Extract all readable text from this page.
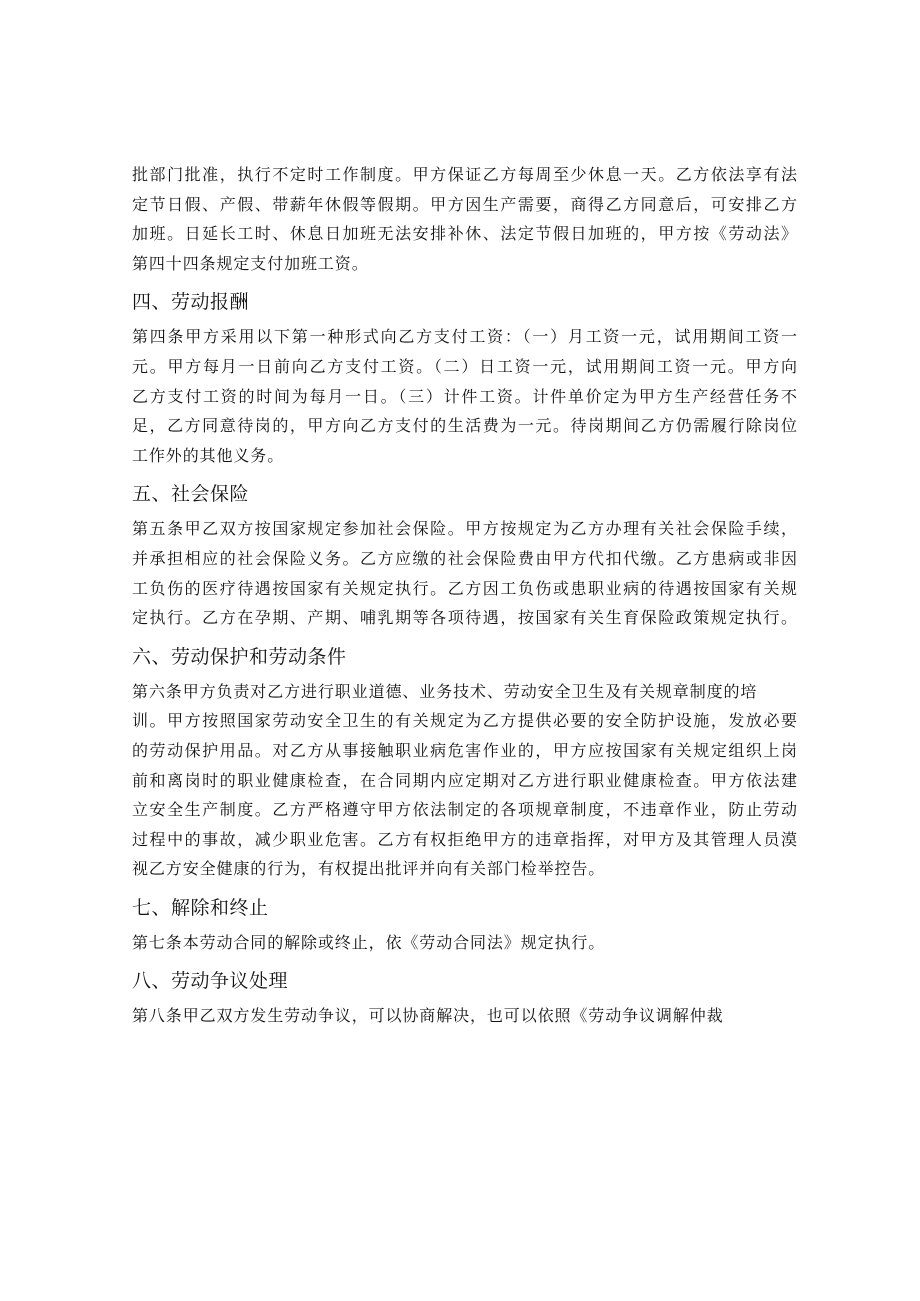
批部门批准，执行不定时工作制度。甲方保证乙方每周至少休息一天。乙方依法享有法
定节日假、产假、带薪年休假等假期。甲方因生产需要，商得乙方同意后，可安排乙方
加班。日延长工时、休息日加班无法安排补休、法定节假日加班的，甲方按《劳动法》
第四十四条规定支付加班工资。
四、劳动报酬
第四条甲方采用以下第一种形式向乙方支付工资：（一）月工资一元，试用期间工资一
元。甲方每月一日前向乙方支付工资。（二）日工资一元，试用期间工资一元。甲方向
乙方支付工资的时间为每月一日。（三）计件工资。计件单价定为甲方生产经营任务不
足，乙方同意待岗的，甲方向乙方支付的生活费为一元。待岗期间乙方仍需履行除岗位
工作外的其他义务。
五、社会保险
第五条甲乙双方按国家规定参加社会保险。甲方按规定为乙方办理有关社会保险手续，
并承担相应的社会保险义务。乙方应缴的社会保险费由甲方代扣代缴。乙方患病或非因
工负伤的医疗待遇按国家有关规定执行。乙方因工负伤或患职业病的待遇按国家有关规
定执行。乙方在孕期、产期、哺乳期等各项待遇，按国家有关生育保险政策规定执行。
六、劳动保护和劳动条件
第六条甲方负责对乙方进行职业道德、业务技术、劳动安全卫生及有关规章制度的培
训。甲方按照国家劳动安全卫生的有关规定为乙方提供必要的安全防护设施，发放必要
的劳动保护用品。对乙方从事接触职业病危害作业的，甲方应按国家有关规定组织上岗
前和离岗时的职业健康检查，在合同期内应定期对乙方进行职业健康检查。甲方依法建
立安全生产制度。乙方严格遵守甲方依法制定的各项规章制度，不违章作业，防止劳动
过程中的事故，减少职业危害。乙方有权拒绝甲方的违章指挥，对甲方及其管理人员漠
视乙方安全健康的行为，有权提出批评并向有关部门检举控告。
七、解除和终止
第七条本劳动合同的解除或终止，依《劳动合同法》规定执行。
八、劳动争议处理
第八条甲乙双方发生劳动争议，可以协商解决，也可以依照《劳动争议调解仲裁
